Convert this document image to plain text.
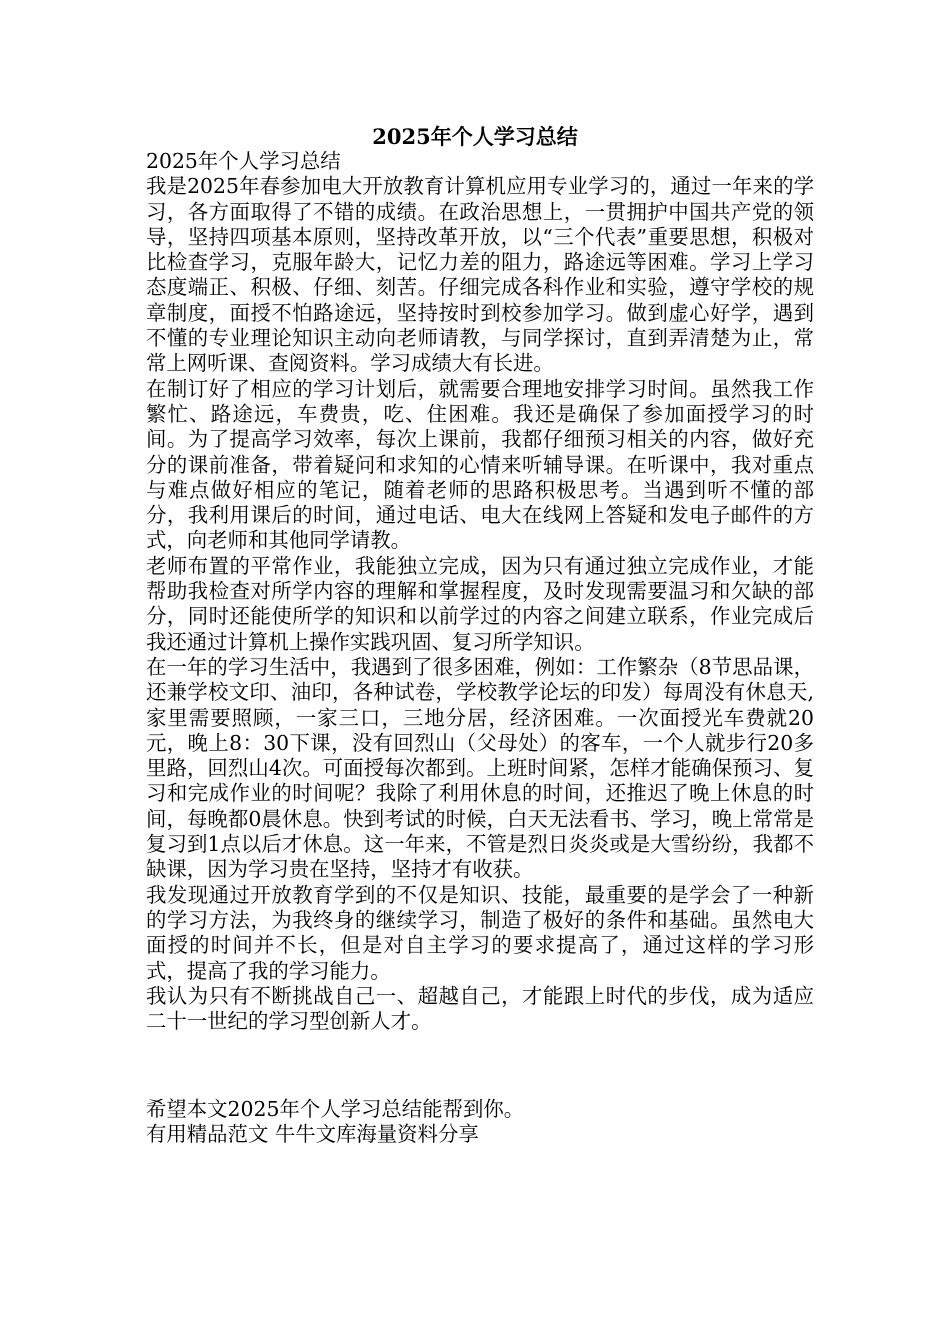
2025年个人学习总结

2025年个人学习总结

我是2025年春参加电大开放教育计算机应用专业学习的，通过一年来的学习，各方面取得了不错的成绩。在政治思想上，一贯拥护中国共产党的领导，坚持四项基本原则，坚持改革开放，以“三个代表”重要思想，积极对比检查学习，克服年龄大，记忆力差的阻力，路途远等困难。学习上学习态度端正、积极、仔细、刻苦。仔细完成各科作业和实验，遵守学校的规章制度，面授不怕路途远，坚持按时到校参加学习。做到虚心好学，遇到不懂的专业理论知识主动向老师请教，与同学探讨，直到弄清楚为止，常常上网听课、查阅资料。学习成绩大有长进。

在制订好了相应的学习计划后，就需要合理地安排学习时间。虽然我工作繁忙、路途远，车费贵，吃、住困难。我还是确保了参加面授学习的时间。为了提高学习效率，每次上课前，我都仔细预习相关的内容，做好充分的课前准备，带着疑问和求知的心情来听辅导课。在听课中，我对重点与难点做好相应的笔记，随着老师的思路积极思考。当遇到听不懂的部分，我利用课后的时间，通过电话、电大在线网上答疑和发电子邮件的方式，向老师和其他同学请教。

老师布置的平常作业，我能独立完成，因为只有通过独立完成作业，才能帮助我检查对所学内容的理解和掌握程度，及时发现需要温习和欠缺的部分，同时还能使所学的知识和以前学过的内容之间建立联系，作业完成后我还通过计算机上操作实践巩固、复习所学知识。

在一年的学习生活中，我遇到了很多困难，例如：工作繁杂（8节思品课，还兼学校文印、油印，各种试卷，学校教学论坛的印发）每周没有休息天,家里需要照顾，一家三口，三地分居，经济困难。一次面授光车费就20元，晚上8：30下课，没有回烈山（父母处）的客车，一个人就步行20多里路，回烈山4次。可面授每次都到。上班时间紧，怎样才能确保预习、复习和完成作业的时间呢？我除了利用休息的时间，还推迟了晚上休息的时间，每晚都0晨休息。快到考试的时候，白天无法看书、学习，晚上常常是复习到1点以后才休息。这一年来，不管是烈日炎炎或是大雪纷纷，我都不缺课，因为学习贵在坚持，坚持才有收获。

我发现通过开放教育学到的不仅是知识、技能，最重要的是学会了一种新的学习方法，为我终身的继续学习，制造了极好的条件和基础。虽然电大面授的时间并不长，但是对自主学习的要求提高了，通过这样的学习形式，提高了我的学习能力。

我认为只有不断挑战自己一、超越自己，才能跟上时代的步伐，成为适应二十一世纪的学习型创新人才。

希望本文2025年个人学习总结能帮到你。

有用精品范文 牛牛文库海量资料分享
